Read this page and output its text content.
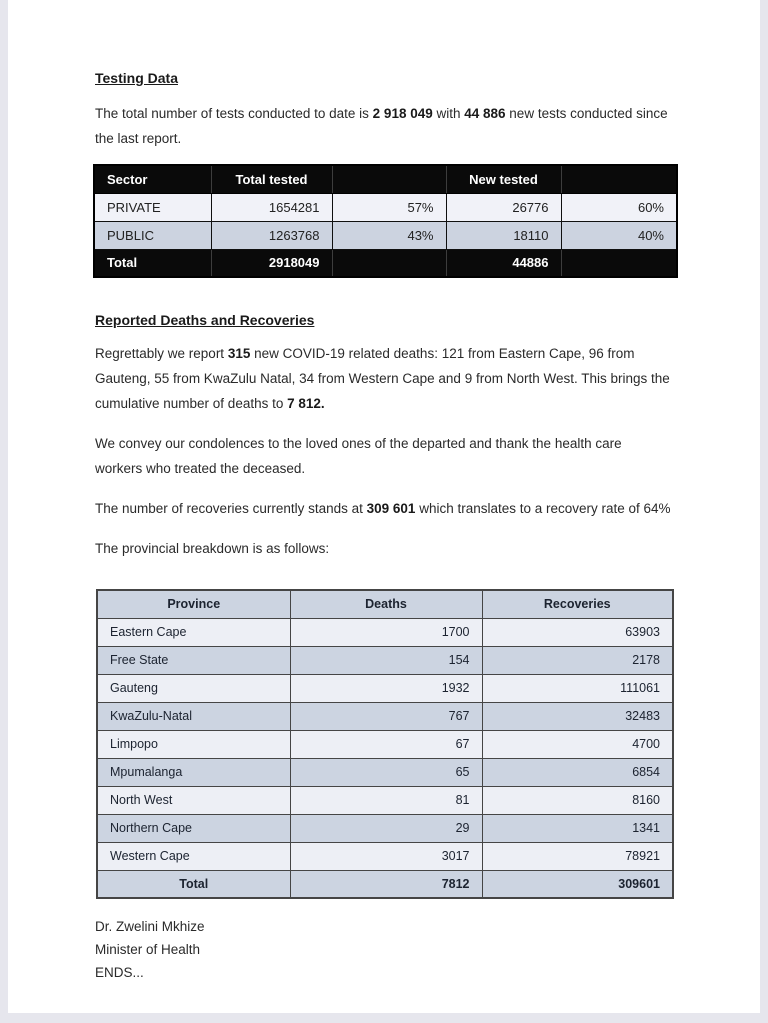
Testing Data

The total number of tests conducted to date is 2 918 049 with 44 886 new tests conducted since the last report.

Sector	Total tested		New tested	
PRIVATE	1654281	57%	26776	60%
PUBLIC	1263768	43%	18110	40%
Total	2918049		44886	
Reported Deaths and Recoveries

Regrettably we report 315 new COVID-19 related deaths: 121 from Eastern Cape, 96 from Gauteng, 55 from KwaZulu Natal, 34 from Western Cape and 9 from North West. This brings the cumulative number of deaths to 7 812.

We convey our condolences to the loved ones of the departed and thank the health care workers who treated the deceased.

The number of recoveries currently stands at 309 601 which translates to a recovery rate of 64%

The provincial breakdown is as follows:

Province	Deaths	Recoveries
Eastern Cape	1700	63903
Free State	154	2178
Gauteng	1932	111061
KwaZulu-Natal	767	32483
Limpopo	67	4700
Mpumalanga	65	6854
North West	81	8160
Northern Cape	29	1341
Western Cape	3017	78921
Total	7812	309601

Dr. Zwelini Mkhize

Minister of Health

ENDS...
